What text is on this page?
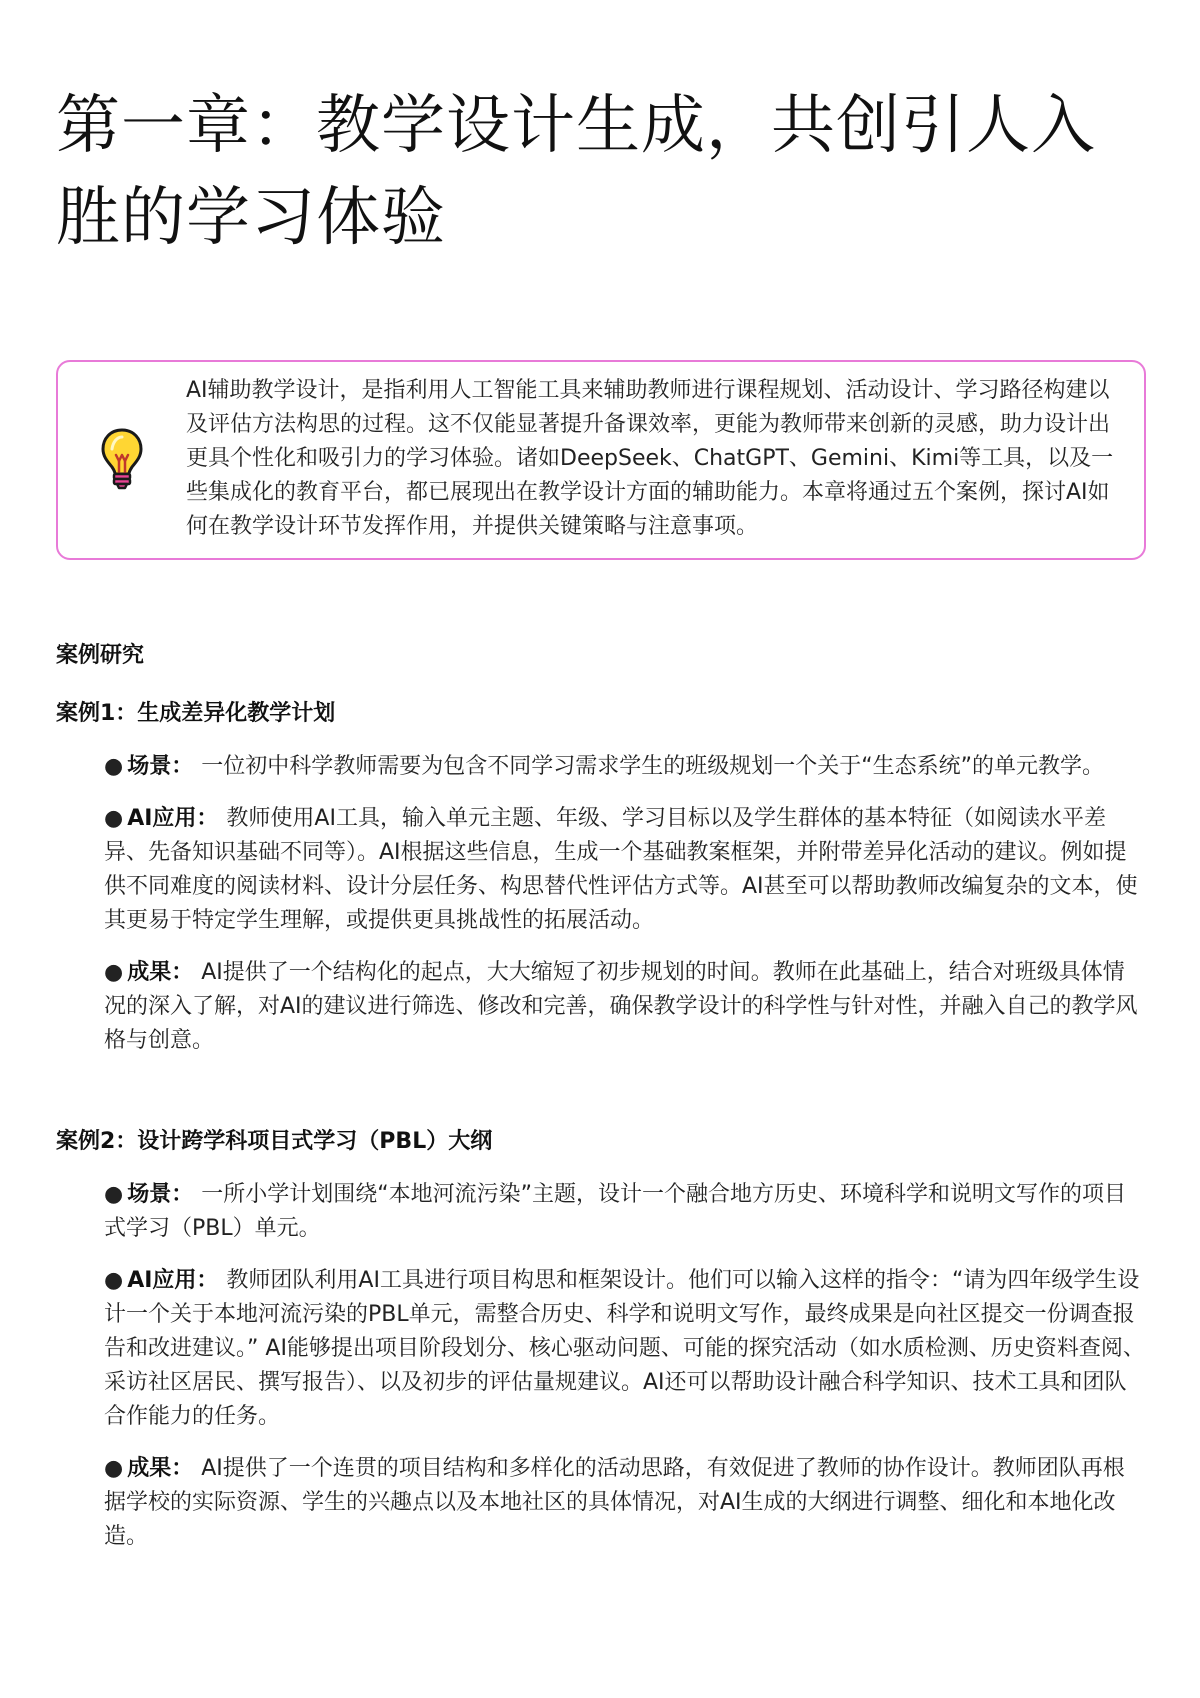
第一章：教学设计生成，共创引人入胜的学习体验

AI辅助教学设计，是指利用人工智能工具来辅助教师进行课程规划、活动设计、学习路径构建以及评估方法构思的过程。这不仅能显著提升备课效率，更能为教师带来创新的灵感，助力设计出更具个性化和吸引力的学习体验。诸如DeepSeek、ChatGPT、Gemini、Kimi等工具，以及一些集成化的教育平台，都已展现出在教学设计方面的辅助能力。本章将通过五个案例，探讨AI如何在教学设计环节发挥作用，并提供关键策略与注意事项。

案例研究
案例1：生成差异化教学计划
● 场景： 一位初中科学教师需要为包含不同学习需求学生的班级规划一个关于“生态系统”的单元教学。
● AI应用： 教师使用AI工具，输入单元主题、年级、学习目标以及学生群体的基本特征（如阅读水平差异、先备知识基础不同等）。AI根据这些信息，生成一个基础教案框架，并附带差异化活动的建议。例如提供不同难度的阅读材料、设计分层任务、构思替代性评估方式等。AI甚至可以帮助教师改编复杂的文本，使其更易于特定学生理解，或提供更具挑战性的拓展活动。
● 成果： AI提供了一个结构化的起点，大大缩短了初步规划的时间。教师在此基础上，结合对班级具体情况的深入了解，对AI的建议进行筛选、修改和完善，确保教学设计的科学性与针对性，并融入自己的教学风格与创意。
案例2：设计跨学科项目式学习（PBL）大纲
● 场景： 一所小学计划围绕“本地河流污染”主题，设计一个融合地方历史、环境科学和说明文写作的项目式学习（PBL）单元。
● AI应用： 教师团队利用AI工具进行项目构思和框架设计。他们可以输入这样的指令：“请为四年级学生设计一个关于本地河流污染的PBL单元，需整合历史、科学和说明文写作，最终成果是向社区提交一份调查报告和改进建议。” AI能够提出项目阶段划分、核心驱动问题、可能的探究活动（如水质检测、历史资料查阅、采访社区居民、撰写报告）、以及初步的评估量规建议。AI还可以帮助设计融合科学知识、技术工具和团队合作能力的任务。
● 成果： AI提供了一个连贯的项目结构和多样化的活动思路，有效促进了教师的协作设计。教师团队再根据学校的实际资源、学生的兴趣点以及本地社区的具体情况，对AI生成的大纲进行调整、细化和本地化改造。
